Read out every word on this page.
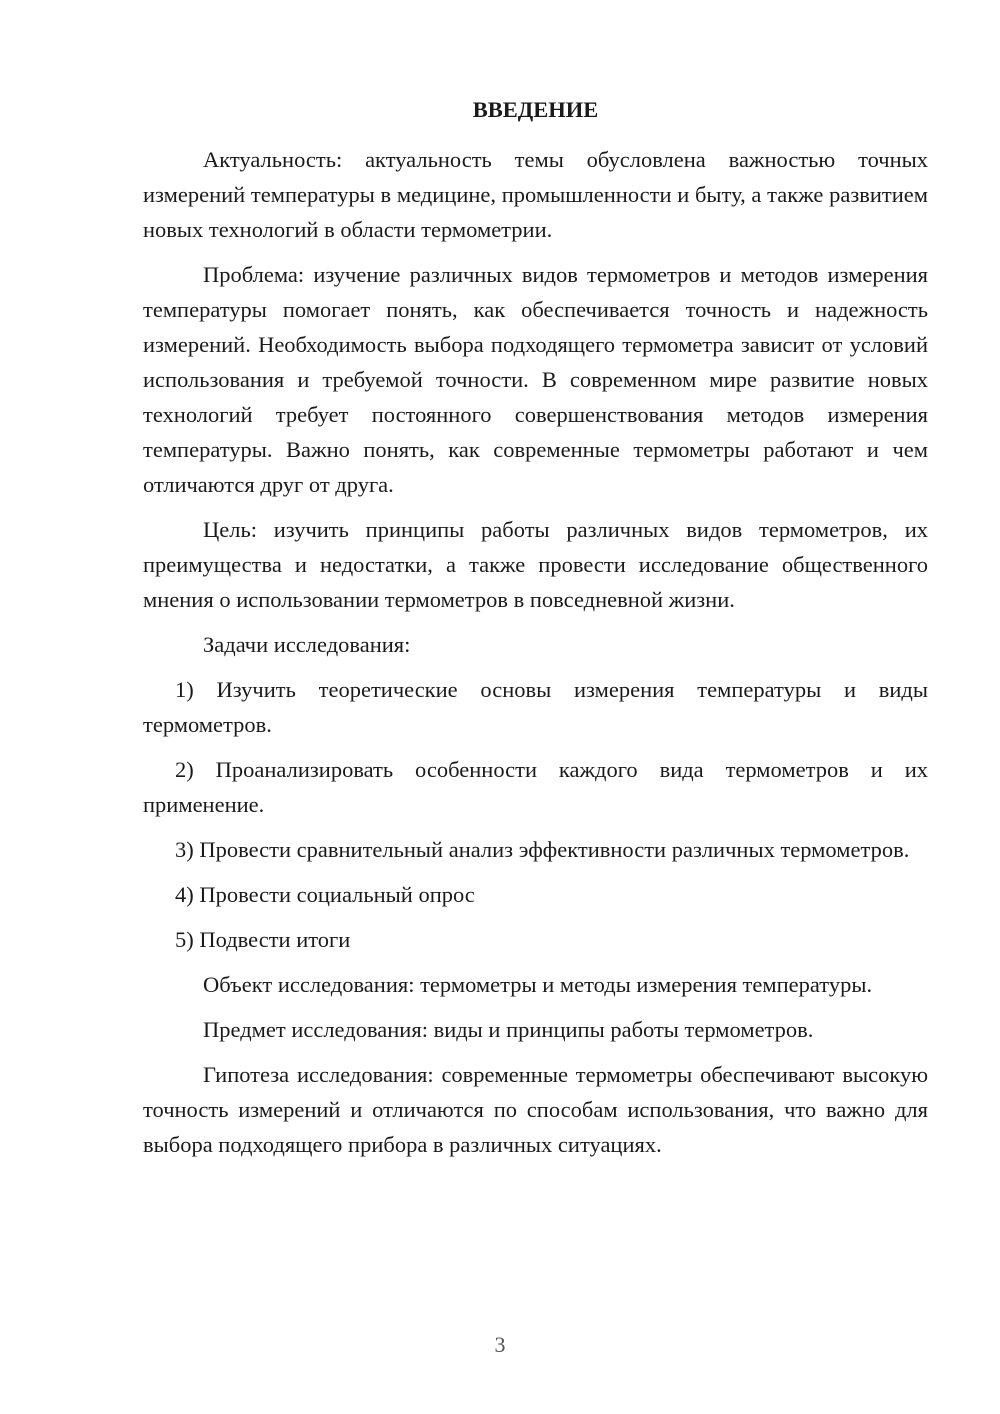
ВВЕДЕНИЕ

Актуальность: актуальность темы обусловлена важностью точных измерений температуры в медицине, промышленности и быту, а также развитием новых технологий в области термометрии.

Проблема: изучение различных видов термометров и методов измерения температуры помогает понять, как обеспечивается точность и надежность измерений. Необходимость выбора подходящего термометра зависит от условий использования и требуемой точности. В современном мире развитие новых технологий требует постоянного совершенствования методов измерения температуры. Важно понять, как современные термометры работают и чем отличаются друг от друга.

Цель: изучить принципы работы различных видов термометров, их преимущества и недостатки, а также провести исследование общественного мнения о использовании термометров в повседневной жизни.

Задачи исследования:

1) Изучить теоретические основы измерения температуры и виды термометров.

2) Проанализировать особенности каждого вида термометров и их применение.

3) Провести сравнительный анализ эффективности различных термометров.

4) Провести социальный опрос

5) Подвести итоги

Объект исследования: термометры и методы измерения температуры.

Предмет исследования: виды и принципы работы термометров.

Гипотеза исследования: современные термометры обеспечивают высокую точность измерений и отличаются по способам использования, что важно для выбора подходящего прибора в различных ситуациях.

3
